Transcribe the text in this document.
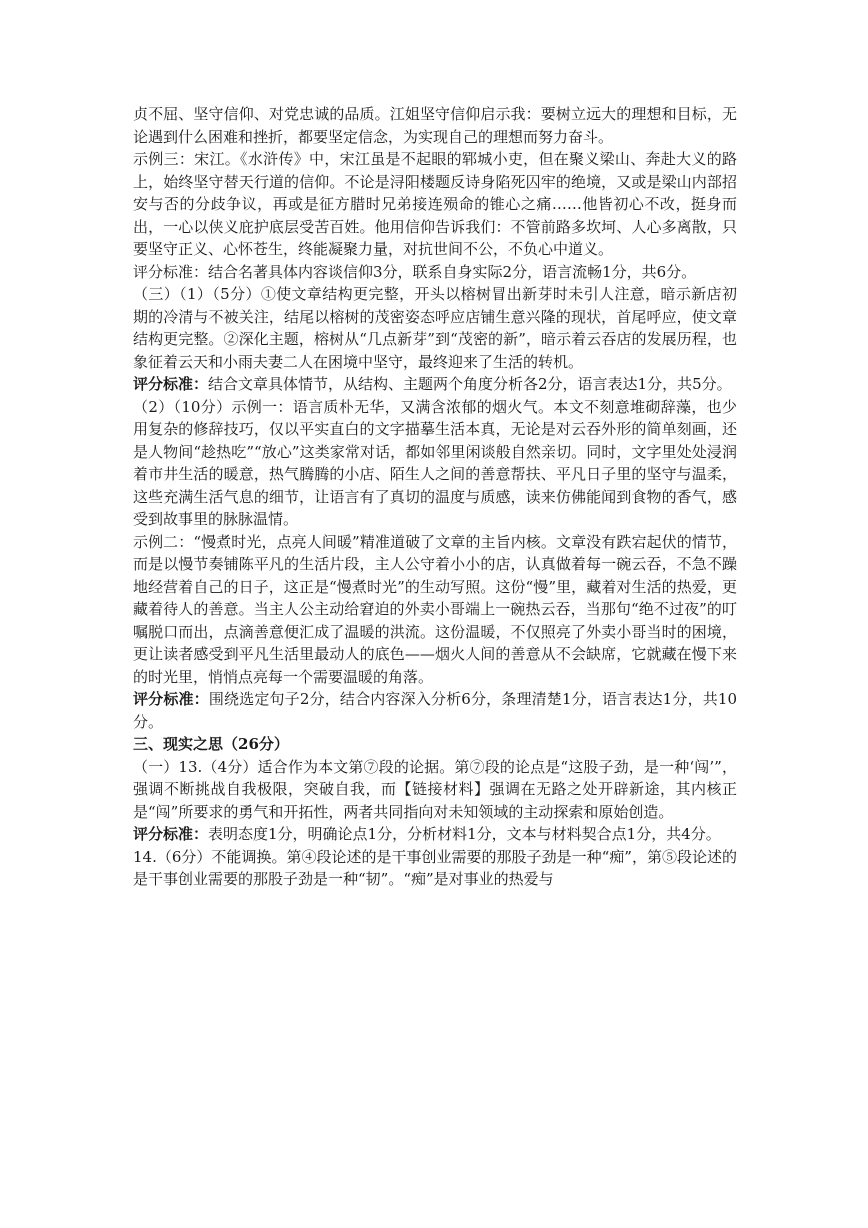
贞不屈、坚守信仰、对党忠诚的品质。江姐坚守信仰启示我：要树立远大的理想和目标，无论遇到什么困难和挫折，都要坚定信念，为实现自己的理想而努力奋斗。

示例三：宋江。《水浒传》中，宋江虽是不起眼的郓城小吏，但在聚义梁山、奔赴大义的路上，始终坚守替天行道的信仰。不论是浔阳楼题反诗身陷死囚牢的绝境，又或是梁山内部招安与否的分歧争议，再或是征方腊时兄弟接连殒命的锥心之痛……他皆初心不改，挺身而出，一心以侠义庇护底层受苦百姓。他用信仰告诉我们：不管前路多坎坷、人心多离散，只要坚守正义、心怀苍生，终能凝聚力量，对抗世间不公，不负心中道义。

评分标准：结合名著具体内容谈信仰3分，联系自身实际2分，语言流畅1分，共6分。

（三）（1）（5分）①使文章结构更完整，开头以榕树冒出新芽时未引人注意，暗示新店初期的冷清与不被关注，结尾以榕树的茂密姿态呼应店铺生意兴隆的现状，首尾呼应，使文章结构更完整。②深化主题，榕树从“几点新芽”到“茂密的新”，暗示着云吞店的发展历程，也象征着云天和小雨夫妻二人在困境中坚守，最终迎来了生活的转机。

评分标准：结合文章具体情节，从结构、主题两个角度分析各2分，语言表达1分，共5分。

（2）（10分）示例一：语言质朴无华，又满含浓郁的烟火气。本文不刻意堆砌辞藻，也少用复杂的修辞技巧，仅以平实直白的文字描摹生活本真，无论是对云吞外形的简单刻画，还是人物间“趁热吃”“放心”这类家常对话，都如邻里闲谈般自然亲切。同时，文字里处处浸润着市井生活的暖意，热气腾腾的小店、陌生人之间的善意帮扶、平凡日子里的坚守与温柔，这些充满生活气息的细节，让语言有了真切的温度与质感，读来仿佛能闻到食物的香气，感受到故事里的脉脉温情。

示例二：“慢煮时光，点亮人间暖”精准道破了文章的主旨内核。文章没有跌宕起伏的情节，而是以慢节奏铺陈平凡的生活片段，主人公守着小小的店，认真做着每一碗云吞，不急不躁地经营着自己的日子，这正是“慢煮时光”的生动写照。这份“慢”里，藏着对生活的热爱，更藏着待人的善意。当主人公主动给窘迫的外卖小哥端上一碗热云吞，当那句“绝不过夜”的叮嘱脱口而出，点滴善意便汇成了温暖的洪流。这份温暖，不仅照亮了外卖小哥当时的困境，更让读者感受到平凡生活里最动人的底色——烟火人间的善意从不会缺席，它就藏在慢下来的时光里，悄悄点亮每一个需要温暖的角落。

评分标准：围绕选定句子2分，结合内容深入分析6分，条理清楚1分，语言表达1分，共10分。

三、现实之思（26分）

（一）13.（4分）适合作为本文第⑦段的论据。第⑦段的论点是“这股子劲，是一种‘闯’”，强调不断挑战自我极限，突破自我，而【链接材料】强调在无路之处开辟新途，其内核正是“闯”所要求的勇气和开拓性，两者共同指向对未知领域的主动探索和原始创造。

评分标准：表明态度1分，明确论点1分，分析材料1分，文本与材料契合点1分，共4分。

14.（6分）不能调换。第④段论述的是干事创业需要的那股子劲是一种“痴”，第⑤段论述的是干事创业需要的那股子劲是一种“韧”。“痴”是对事业的热爱与
